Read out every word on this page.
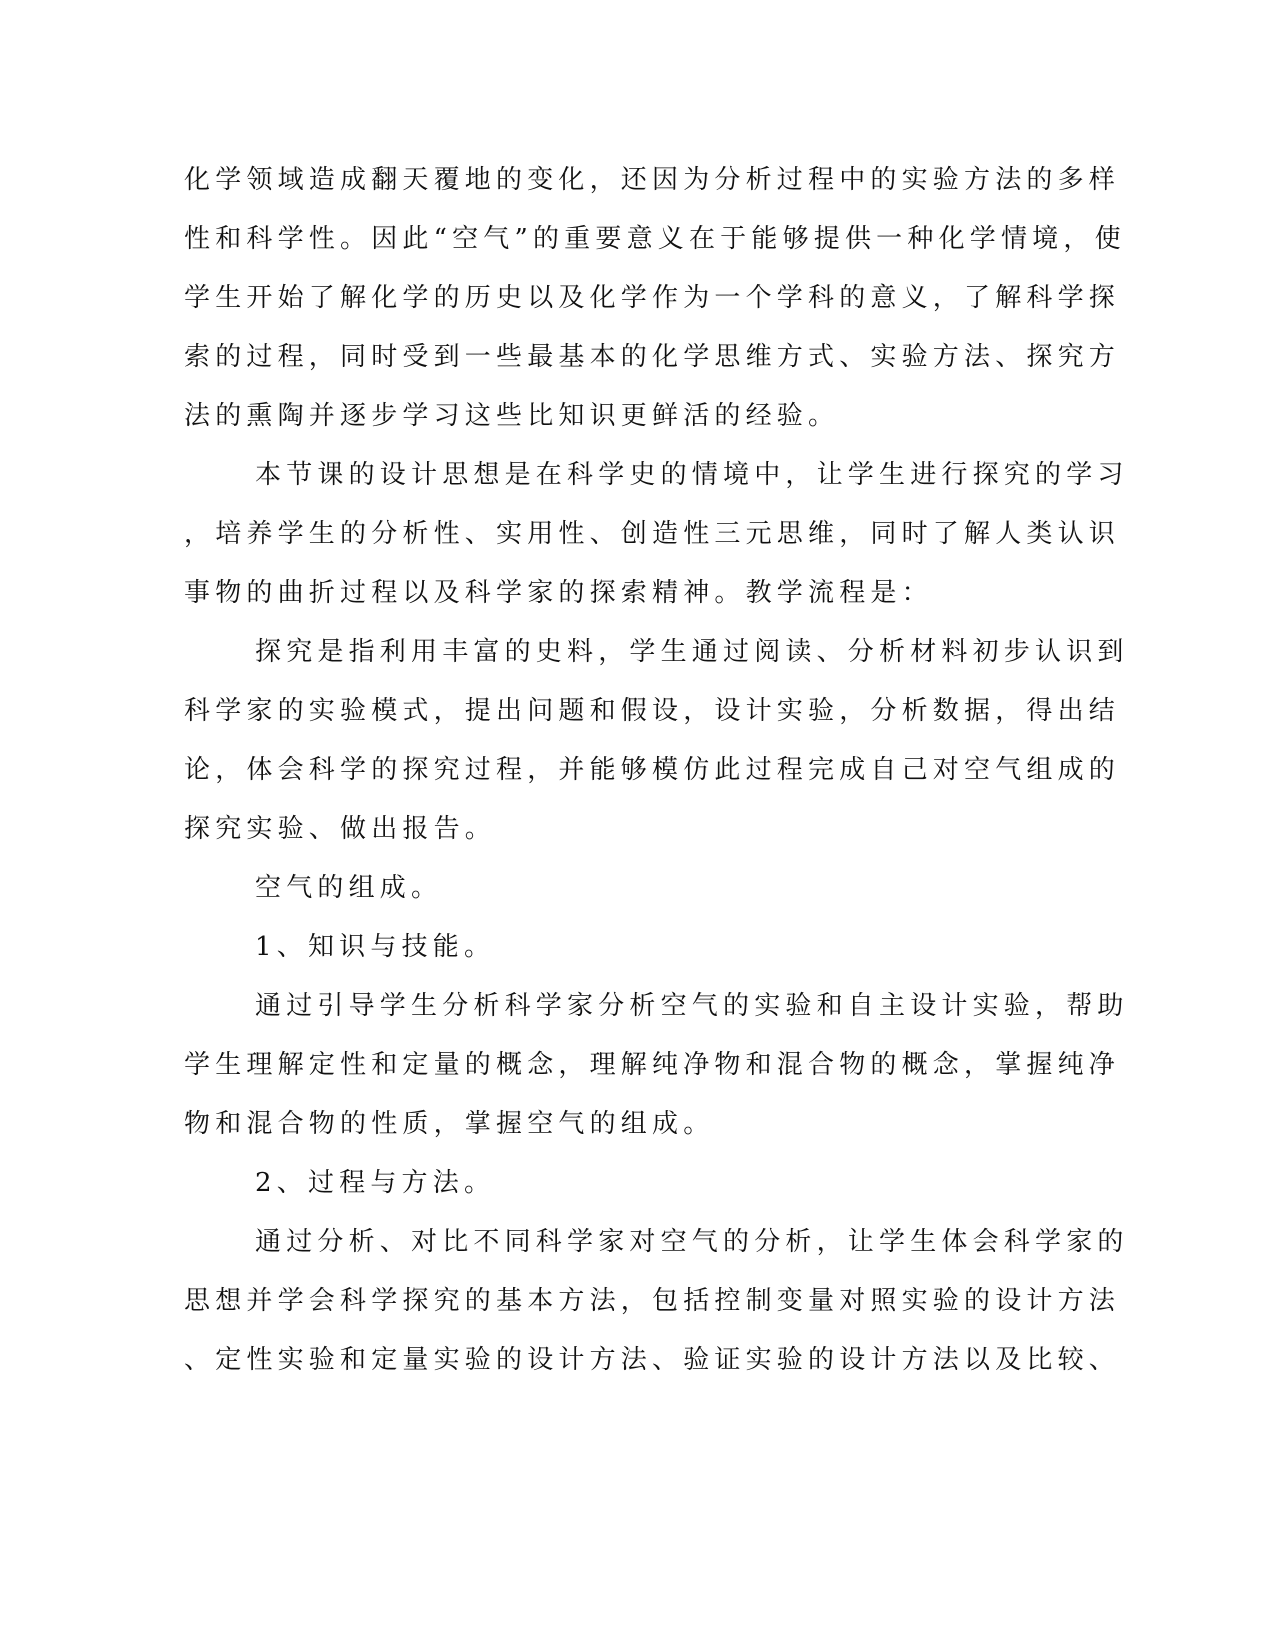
化学领域造成翻天覆地的变化，还因为分析过程中的实验方法的多样
性和科学性。因此“空气”的重要意义在于能够提供一种化学情境，使
学生开始了解化学的历史以及化学作为一个学科的意义，了解科学探
索的过程，同时受到一些最基本的化学思维方式、实验方法、探究方
法的熏陶并逐步学习这些比知识更鲜活的经验。
本节课的设计思想是在科学史的情境中，让学生进行探究的学习
，培养学生的分析性、实用性、创造性三元思维，同时了解人类认识
事物的曲折过程以及科学家的探索精神。教学流程是：
探究是指利用丰富的史料，学生通过阅读、分析材料初步认识到
科学家的实验模式，提出问题和假设，设计实验，分析数据，得出结
论，体会科学的探究过程，并能够模仿此过程完成自己对空气组成的
探究实验、做出报告。
空气的组成。
1、知识与技能。
通过引导学生分析科学家分析空气的实验和自主设计实验，帮助
学生理解定性和定量的概念，理解纯净物和混合物的概念，掌握纯净
物和混合物的性质，掌握空气的组成。
2、过程与方法。
通过分析、对比不同科学家对空气的分析，让学生体会科学家的
思想并学会科学探究的基本方法，包括控制变量对照实验的设计方法
、定性实验和定量实验的设计方法、验证实验的设计方法以及比较、
